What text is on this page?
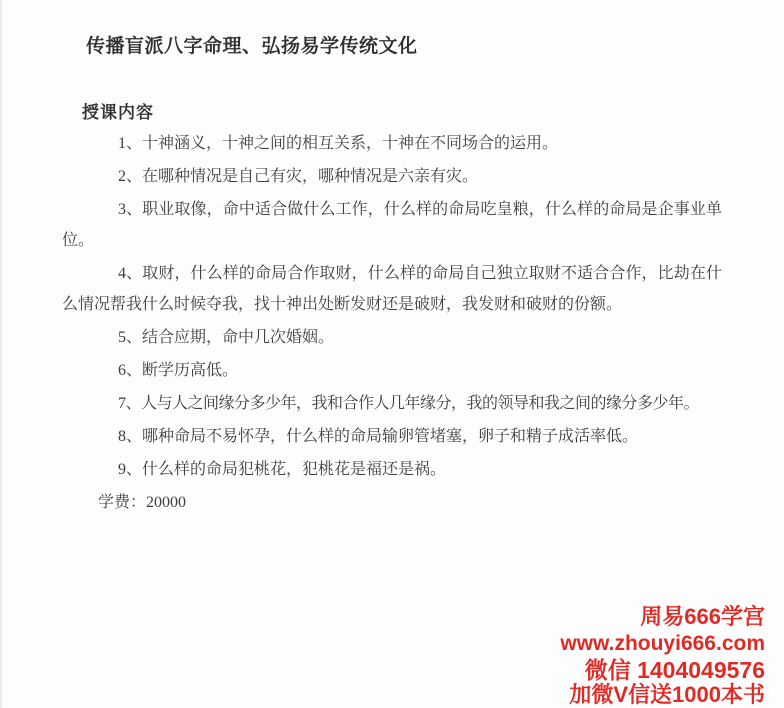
传播盲派八字命理、弘扬易学传统文化
授课内容

1、十神涵义，十神之间的相互关系，十神在不同场合的运用。

2、在哪种情况是自己有灾，哪种情况是六亲有灾。

3、职业取像，命中适合做什么工作，什么样的命局吃皇粮，什么样的命局是企事业单位。

4、取财，什么样的命局合作取财，什么样的命局自己独立取财不适合合作，比劫在什么情况帮我什么时候夺我，找十神出处断发财还是破财，我发财和破财的份额。

5、结合应期，命中几次婚姻。

6、断学历高低。

7、人与人之间缘分多少年，我和合作人几年缘分，我的领导和我之间的缘分多少年。

8、哪种命局不易怀孕，什么样的命局输卵管堵塞，卵子和精子成活率低。

9、什么样的命局犯桃花，犯桃花是福还是祸。

学费：20000

周易666学宫
www.zhouyi666.com
微信 1404049576
加微V信送1000本书
